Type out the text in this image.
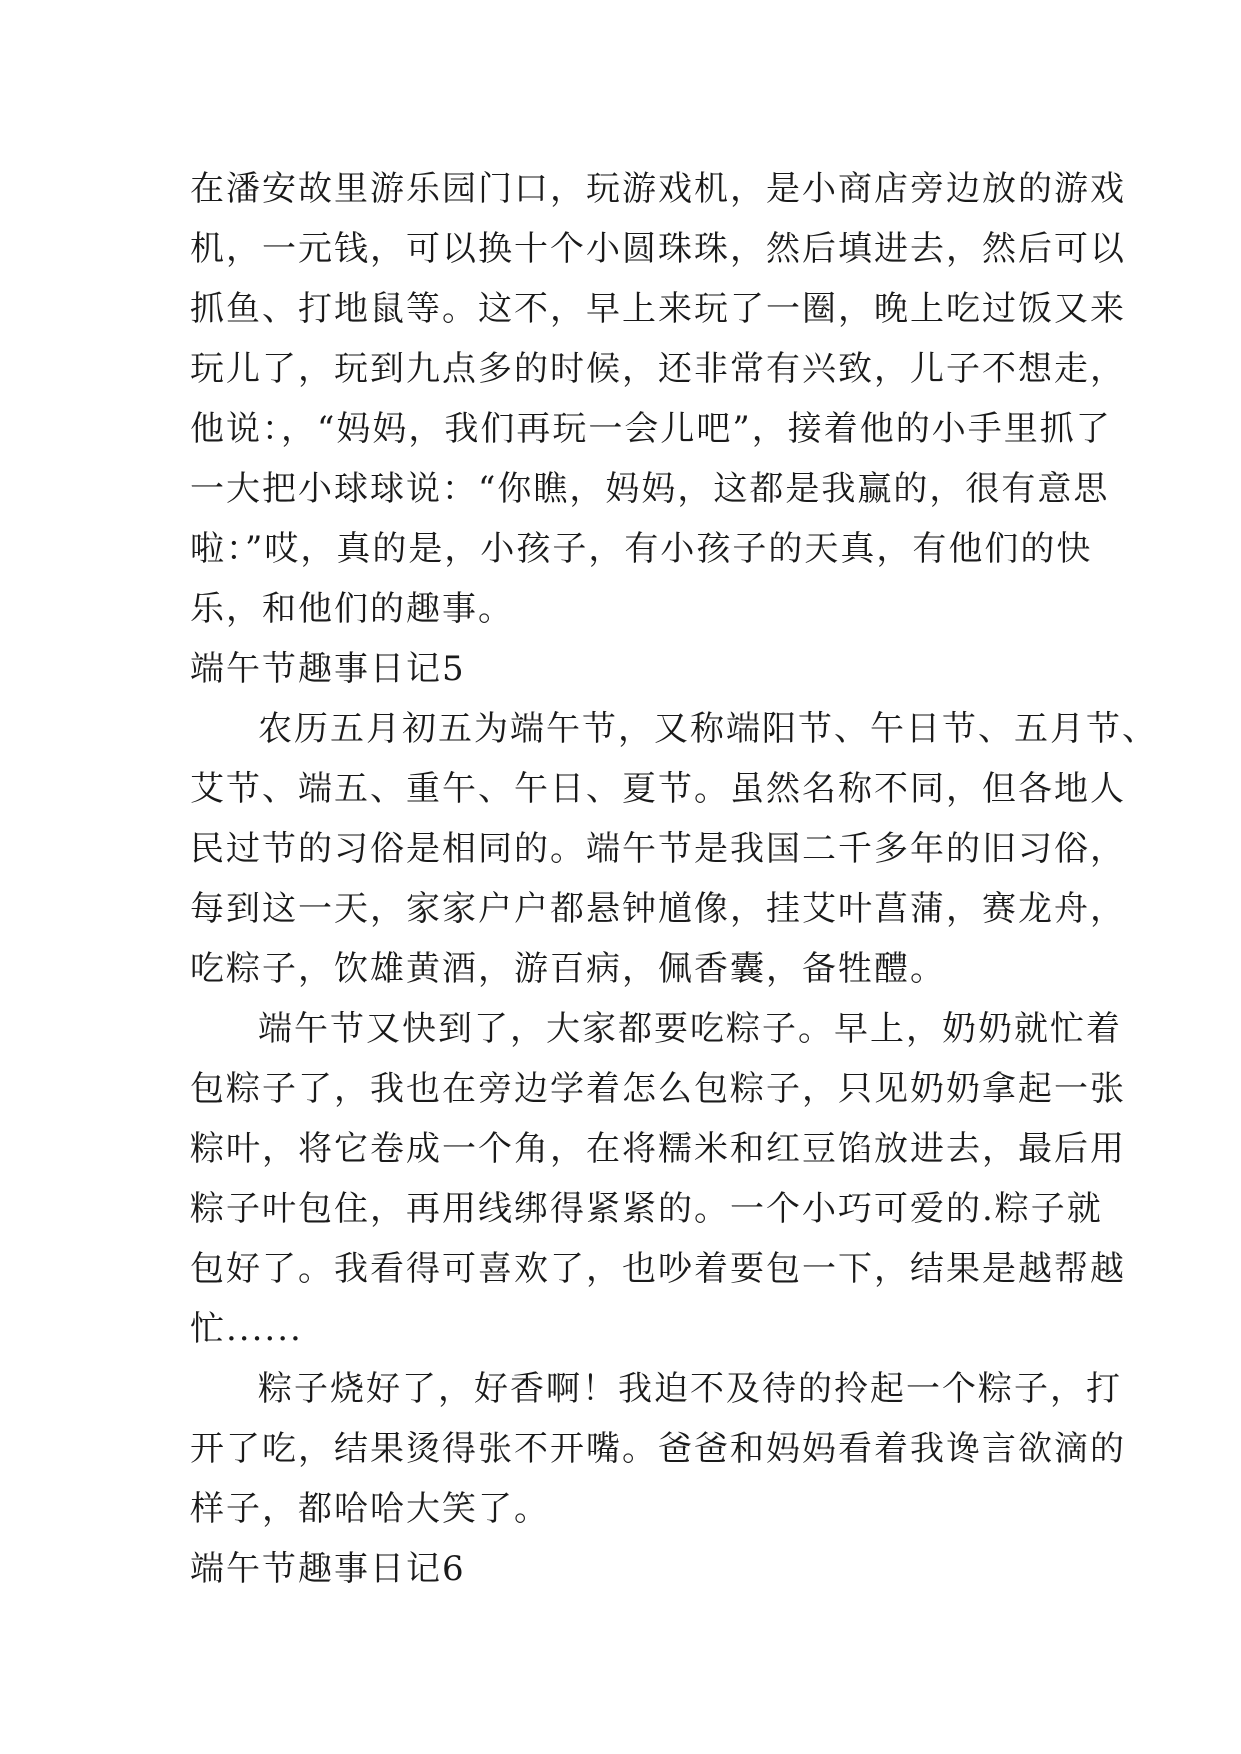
在潘安故里游乐园门口，玩游戏机，是小商店旁边放的游戏
机，一元钱，可以换十个小圆珠珠，然后填进去，然后可以
抓鱼、打地鼠等。这不，早上来玩了一圈，晚上吃过饭又来
玩儿了，玩到九点多的时候，还非常有兴致，儿子不想走，
他说：，“妈妈，我们再玩一会儿吧”，接着他的小手里抓了
一大把小球球说：“你瞧，妈妈，这都是我赢的，很有意思
啦：”哎，真的是，小孩子，有小孩子的天真，有他们的快
乐，和他们的趣事。
端午节趣事日记5
农历五月初五为端午节，又称端阳节、午日节、五月节、
艾节、端五、重午、午日、夏节。虽然名称不同，但各地人
民过节的习俗是相同的。端午节是我国二千多年的旧习俗，
每到这一天，家家户户都悬钟馗像，挂艾叶菖蒲，赛龙舟，
吃粽子，饮雄黄酒，游百病，佩香囊，备牲醴。
端午节又快到了，大家都要吃粽子。早上，奶奶就忙着
包粽子了，我也在旁边学着怎么包粽子，只见奶奶拿起一张
粽叶，将它卷成一个角，在将糯米和红豆馅放进去，最后用
粽子叶包住，再用线绑得紧紧的。一个小巧可爱的.粽子就
包好了。我看得可喜欢了，也吵着要包一下，结果是越帮越
忙......
粽子烧好了，好香啊！我迫不及待的拎起一个粽子，打
开了吃，结果烫得张不开嘴。爸爸和妈妈看着我谗言欲滴的
样子，都哈哈大笑了。
端午节趣事日记6
